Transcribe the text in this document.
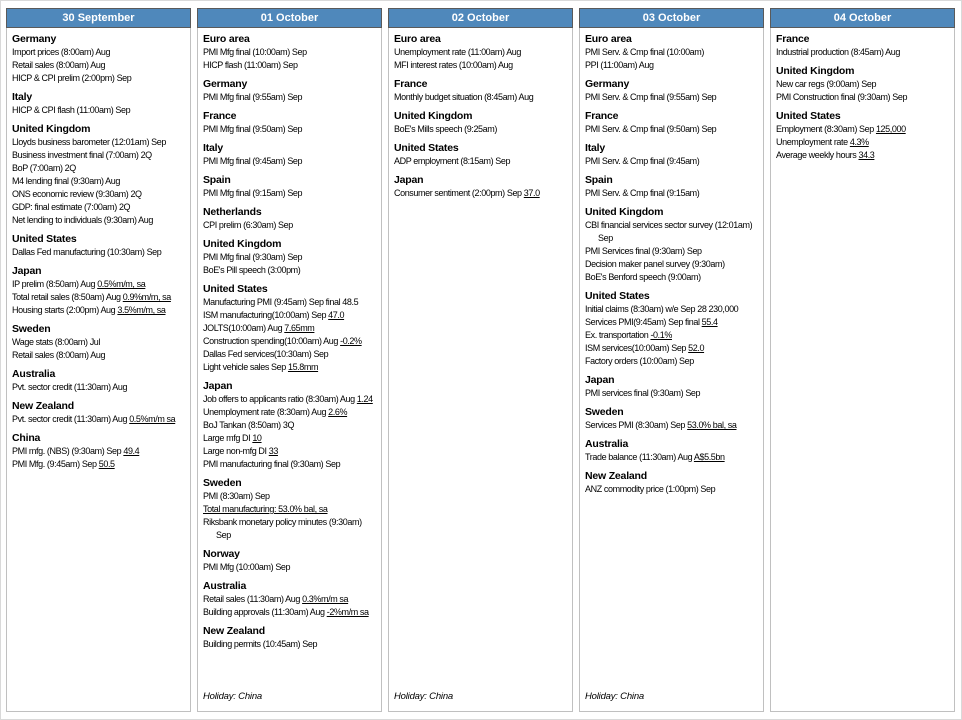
30 September
Germany
Import prices (8:00am) Aug
Retail sales (8:00am) Aug
HICP & CPI prelim (2:00pm) Sep
Italy
HICP & CPI flash (11:00am) Sep
United Kingdom
Lloyds business barometer (12:01am) Sep
Business investment final (7:00am) 2Q
BoP (7:00am) 2Q
M4 lending final (9:30am) Aug
ONS economic review (9:30am) 2Q
GDP: final estimate (7:00am) 2Q
Net lending to individuals (9:30am) Aug
United States
Dallas Fed manufacturing (10:30am) Sep
Japan
IP prelim (8:50am) Aug 0.5%m/m, sa
Total retail sales (8:50am) Aug 0.9%m/m, sa
Housing starts (2:00pm) Aug 3.5%m/m, sa
Sweden
Wage stats (8:00am) Jul
Retail sales (8:00am) Aug
Australia
Pvt. sector credit (11:30am) Aug
New Zealand
Pvt. sector credit (11:30am) Aug 0.5%m/m sa
China
PMI mfg. (NBS) (9:30am) Sep 49.4
PMI Mfg. (9:45am) Sep 50.5
01 October
Euro area
PMI Mfg final (10:00am) Sep
HICP flash (11:00am) Sep
Germany
PMI Mfg final (9:55am) Sep
France
PMI Mfg final (9:50am) Sep
Italy
PMI Mfg final (9:45am) Sep
Spain
PMI Mfg final (9:15am) Sep
Netherlands
CPI prelim (6:30am) Sep
United Kingdom
PMI Mfg final (9:30am) Sep
BoE's Pill speech (3:00pm)
United States
Manufacturing PMI (9:45am) Sep final 48.5
ISM manufacturing(10:00am) Sep 47.0
JOLTS(10:00am) Aug 7.65mm
Construction spending(10:00am) Aug -0.2%
Dallas Fed services(10:30am) Sep
Light vehicle sales Sep 15.8mm
Japan
Job offers to applicants ratio (8:30am) Aug 1.24
Unemployment rate (8:30am) Aug 2.6%
BoJ Tankan (8:50am) 3Q
Large mfg DI 10
Large non-mfg DI 33
PMI manufacturing final (9:30am) Sep
Sweden
PMI (8:30am) Sep
Total manufacturing: 53.0% bal, sa
Riksbank monetary policy minutes (9:30am)
Sep
Norway
PMI Mfg (10:00am) Sep
Australia
Retail sales (11:30am) Aug 0.3%m/m sa
Building approvals (11:30am) Aug -2%m/m sa
New Zealand
Building permits (10:45am) Sep
Holiday: China
02 October
Euro area
Unemployment rate (11:00am) Aug
MFI interest rates (10:00am) Aug
France
Monthly budget situation (8:45am) Aug
United Kingdom
BoE's Mills speech (9:25am)
United States
ADP employment (8:15am) Sep
Japan
Consumer sentiment (2:00pm) Sep 37.0
Holiday: China
03 October
Euro area
PMI Serv. & Cmp final (10:00am)
PPI (11:00am) Aug
Germany
PMI Serv. & Cmp final (9:55am) Sep
France
PMI Serv. & Cmp final (9:50am) Sep
Italy
PMI Serv. & Cmp final (9:45am)
Spain
PMI Serv. & Cmp final (9:15am)
United Kingdom
CBI financial services sector survey (12:01am)
Sep
PMI Services final (9:30am) Sep
Decision maker panel survey (9:30am)
BoE's Benford speech (9:00am)
United States
Initial claims (8:30am) w/e Sep 28 230,000
Services PMI(9:45am) Sep final 55.4
Ex. transportation -0.1%
ISM services(10:00am) Sep 52.0
Factory orders (10:00am) Sep
Japan
PMI services final (9:30am) Sep
Sweden
Services PMI (8:30am) Sep 53.0% bal, sa
Australia
Trade balance (11:30am) Aug A$5.5bn
New Zealand
ANZ commodity price (1:00pm) Sep
Holiday: China
04 October
France
Industrial production (8:45am) Aug
United Kingdom
New car regs (9:00am) Sep
PMI Construction final (9:30am) Sep
United States
Employment (8:30am) Sep 125,000
Unemployment rate 4.3%
Average weekly hours 34.3
